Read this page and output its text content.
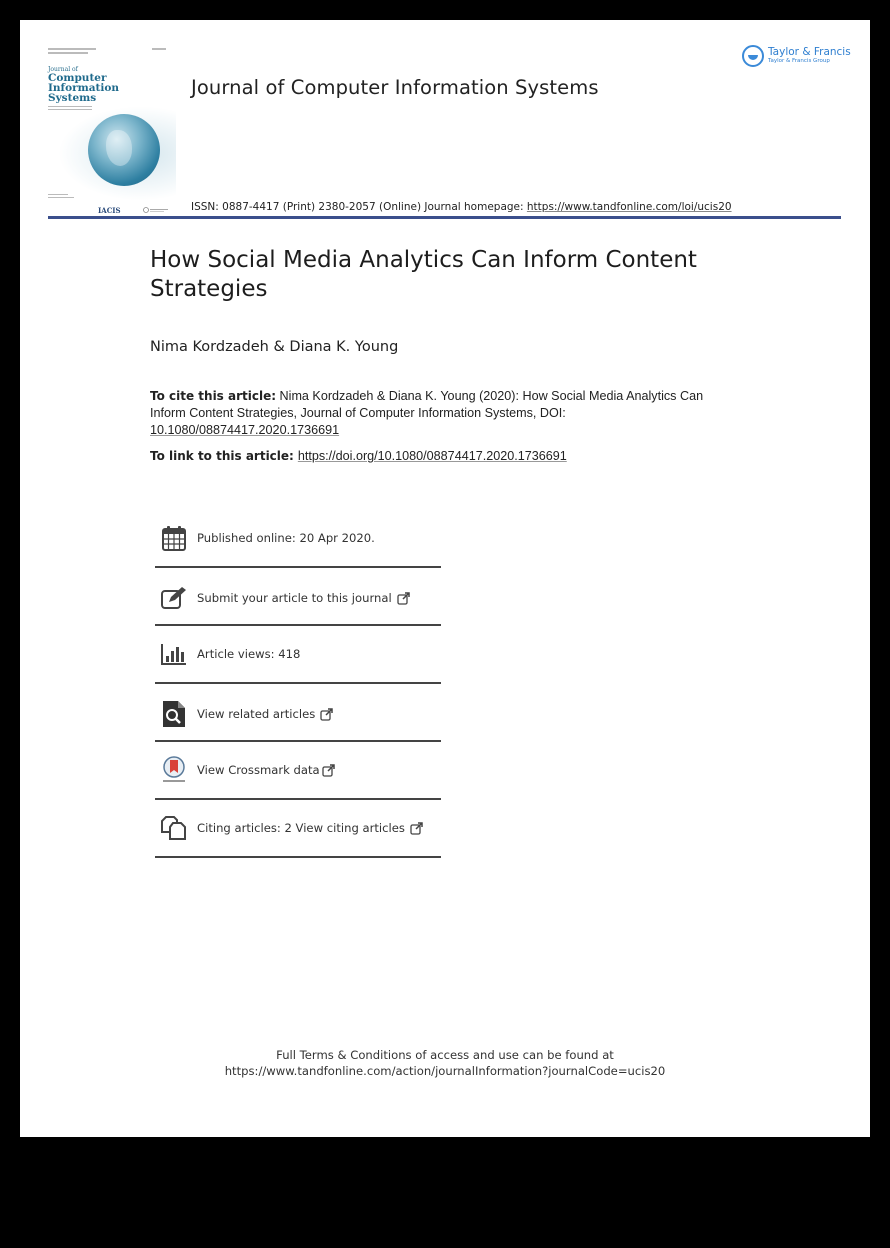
Journal of
Computer
Information
Systems
IACIS
Journal of Computer Information Systems
Taylor & Francis
Taylor & Francis Group
ISSN: 0887-4417 (Print) 2380-2057 (Online) Journal homepage: https://www.tandfonline.com/loi/ucis20
How Social Media Analytics Can Inform Content Strategies
Nima Kordzadeh & Diana K. Young
To cite this article: Nima Kordzadeh & Diana K. Young (2020): How Social Media Analytics Can Inform Content Strategies, Journal of Computer Information Systems, DOI: 10.1080/08874417.2020.1736691
To link to this article: https://doi.org/10.1080/08874417.2020.1736691
Published online: 20 Apr 2020.
Submit your article to this journal
Article views: 418
View related articles
View Crossmark data
Citing articles: 2 View citing articles
Full Terms & Conditions of access and use can be found at
https://www.tandfonline.com/action/journalInformation?journalCode=ucis20
